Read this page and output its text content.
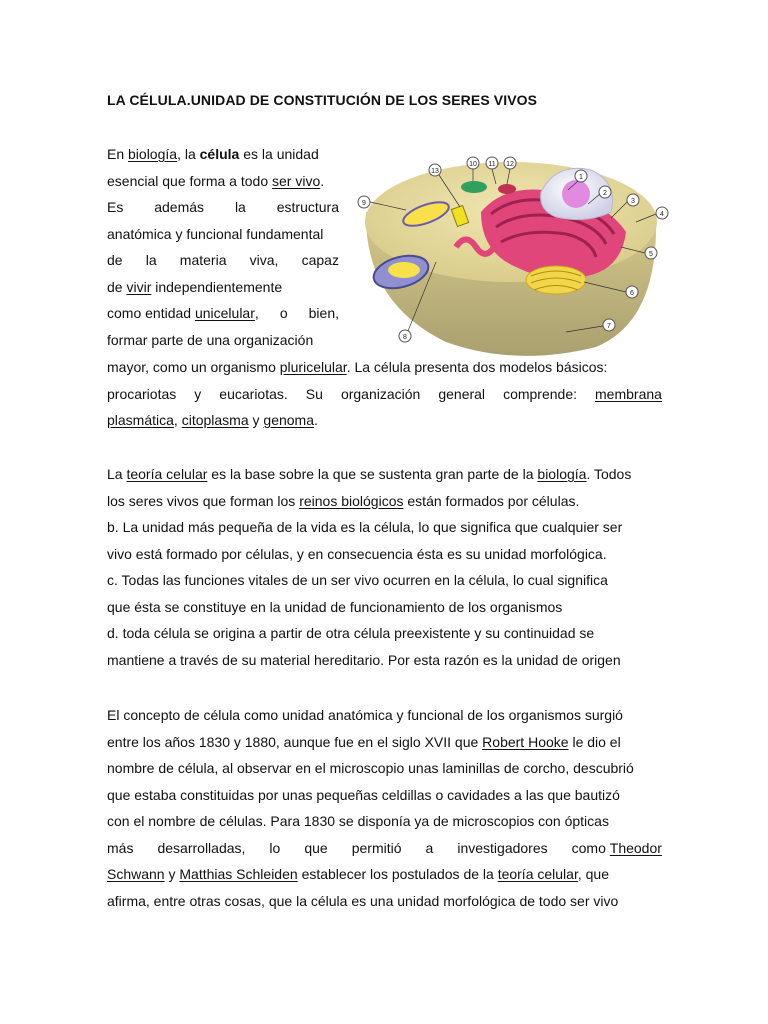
LA CÉLULA.UNIDAD DE CONSTITUCIÓN DE LOS SERES VIVOS
En biología, la célula es la unidad
esencial que forma a todo ser vivo.
Es además la estructura
anatómica y funcional fundamental
de la materia viva, capaz
de vivir independientemente
como entidad unicelular, o bien,
formar parte de una organización
1
2
3
4
5
6
7
8
9
10 11 12
13
mayor, como un organismo pluricelular. La célula presenta dos modelos básicos:
procariotas y eucariotas. Su organización general comprende: membrana
plasmática, citoplasma y genoma.
La teoría celular es la base sobre la que se sustenta gran parte de la biología. Todos
los seres vivos que forman los reinos biológicos están formados por células.
b. La unidad más pequeña de la vida es la célula, lo que significa que cualquier ser
vivo está formado por células, y en consecuencia ésta es su unidad morfológica.
c. Todas las funciones vitales de un ser vivo ocurren en la célula, lo cual significa
que ésta se constituye en la unidad de funcionamiento de los organismos
d. toda célula se origina a partir de otra célula preexistente y su continuidad se
mantiene a través de su material hereditario. Por esta razón es la unidad de origen
El concepto de célula como unidad anatómica y funcional de los organismos surgió
entre los años 1830 y 1880, aunque fue en el siglo XVII que Robert Hooke le dio el
nombre de célula, al observar en el microscopio unas laminillas de corcho, descubrió
que estaba constituidas por unas pequeñas celdillas o cavidades a las que bautizó
con el nombre de células. Para 1830 se disponía ya de microscopios con ópticas
más desarrolladas, lo que permitió a investigadores como Theodor
Schwann y Matthias Schleiden establecer los postulados de la teoría celular, que
afirma, entre otras cosas, que la célula es una unidad morfológica de todo ser vivo
